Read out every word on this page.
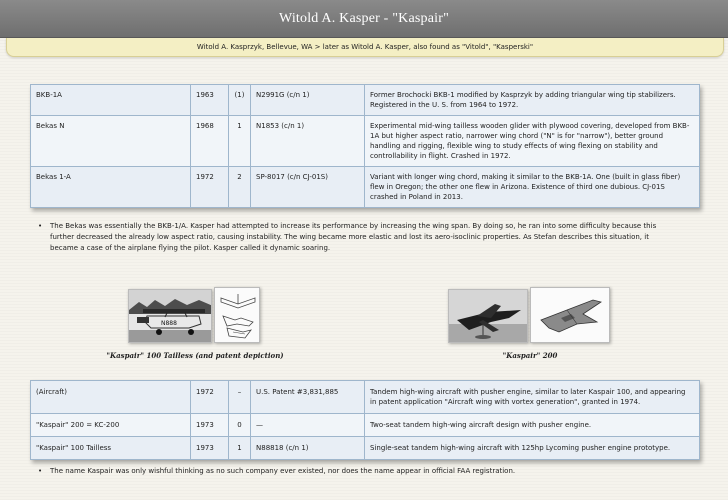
Witold A. Kasper - "Kaspair"
Witold A. Kasprzyk, Bellevue, WA > later as Witold A. Kasper, also found as "Vitold", "Kasperski"
BKB-1A	1963	(1)	N2991G (c/n 1)	Former Brochocki BKB-1 modified by Kasprzyk by adding triangular wing tip stabilizers. Registered in the U. S. from 1964 to 1972.
Bekas N	1968	1	N1853 (c/n 1)	Experimental mid-wing tailless wooden glider with plywood covering, developed from BKB-1A but higher aspect ratio, narrower wing chord ("N" is for "narrow"), better ground handling and rigging, flexible wing to study effects of wing flexing on stability and controllability in flight. Crashed in 1972.
Bekas 1-A	1972	2	SP-8017 (c/n CJ-01S)	Variant with longer wing chord, making it similar to the BKB-1A. One (built in glass fiber) flew in Oregon; the other one flew in Arizona. Existence of third one dubious. CJ-01S crashed in Poland in 2013.
• The Bekas was essentially the BKB-1/A. Kasper had attempted to increase its performance by increasing the wing span. By doing so, he ran into some difficulty because this further decreased the already low aspect ratio, causing instability. The wing became more elastic and lost its aero-isoclinic properties. As Stefan describes this situation, it became a case of the airplane flying the pilot. Kasper called it dynamic soaring.
N888
"Kaspair" 100 Tailless (and patent depiction)	"Kaspair" 200
(Aircraft)	1972	–	U.S. Patent #3,831,885	Tandem high-wing aircraft with pusher engine, similar to later Kaspair 100, and appearing in patent application "Aircraft wing with vortex generation", granted in 1974.
"Kaspair" 200 = KC-200	1973	0	—	Two-seat tandem high-wing aircraft design with pusher engine.
"Kaspair" 100 Tailless	1973	1	N88818 (c/n 1)	Single-seat tandem high-wing aircraft with 125hp Lycoming pusher engine prototype.
• The name Kaspair was only wishful thinking as no such company ever existed, nor does the name appear in official FAA registration.
